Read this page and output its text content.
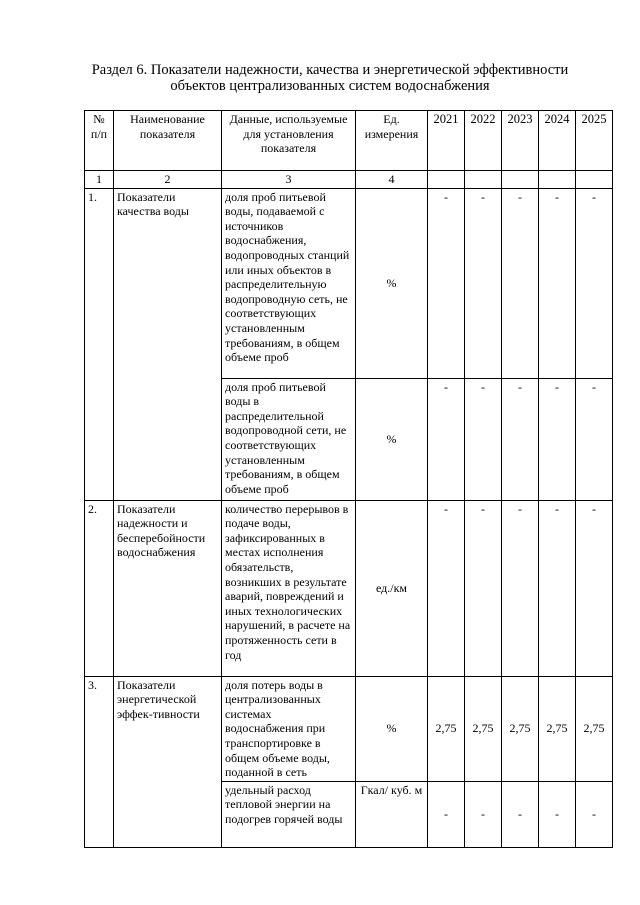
Раздел 6. Показатели надежности, качества и энергетической эффективности
объектов централизованных систем водоснабжения
№ п/п	Наименование показателя	Данные, используемые для установления показателя	Ед. измерения	2021	2022	2023	2024	2025
1	2	3	4					
1.	Показатели качества воды	доля проб питьевой воды, подаваемой с источников водоснабжения, водопроводных станций или иных объектов в распределительную водопроводную сеть, не соответствующих установленным требованиям, в общем объеме проб	%	-	-	-	-	-
		доля проб питьевой воды в распределительной водопроводной сети, не соответствующих установленным требованиям, в общем объеме проб	%	-	-	-	-	-
2.	Показатели надежности и бесперебойности водоснабжения	количество перерывов в подаче воды, зафиксированных в местах исполнения обязательств, возникших в результате аварий, повреждений и иных технологических нарушений, в расчете на протяженность сети в год	ед./км	-	-	-	-	-
3.	Показатели энергетической эффек-тивности	доля потерь воды в централизованных системах водоснабжения при транспортировке в общем объеме воды, поданной в сеть	%	2,75	2,75	2,75	2,75	2,75
		удельный расход тепловой энергии на подогрев горячей воды	Гкал/ куб. м	-	-	-	-	-
